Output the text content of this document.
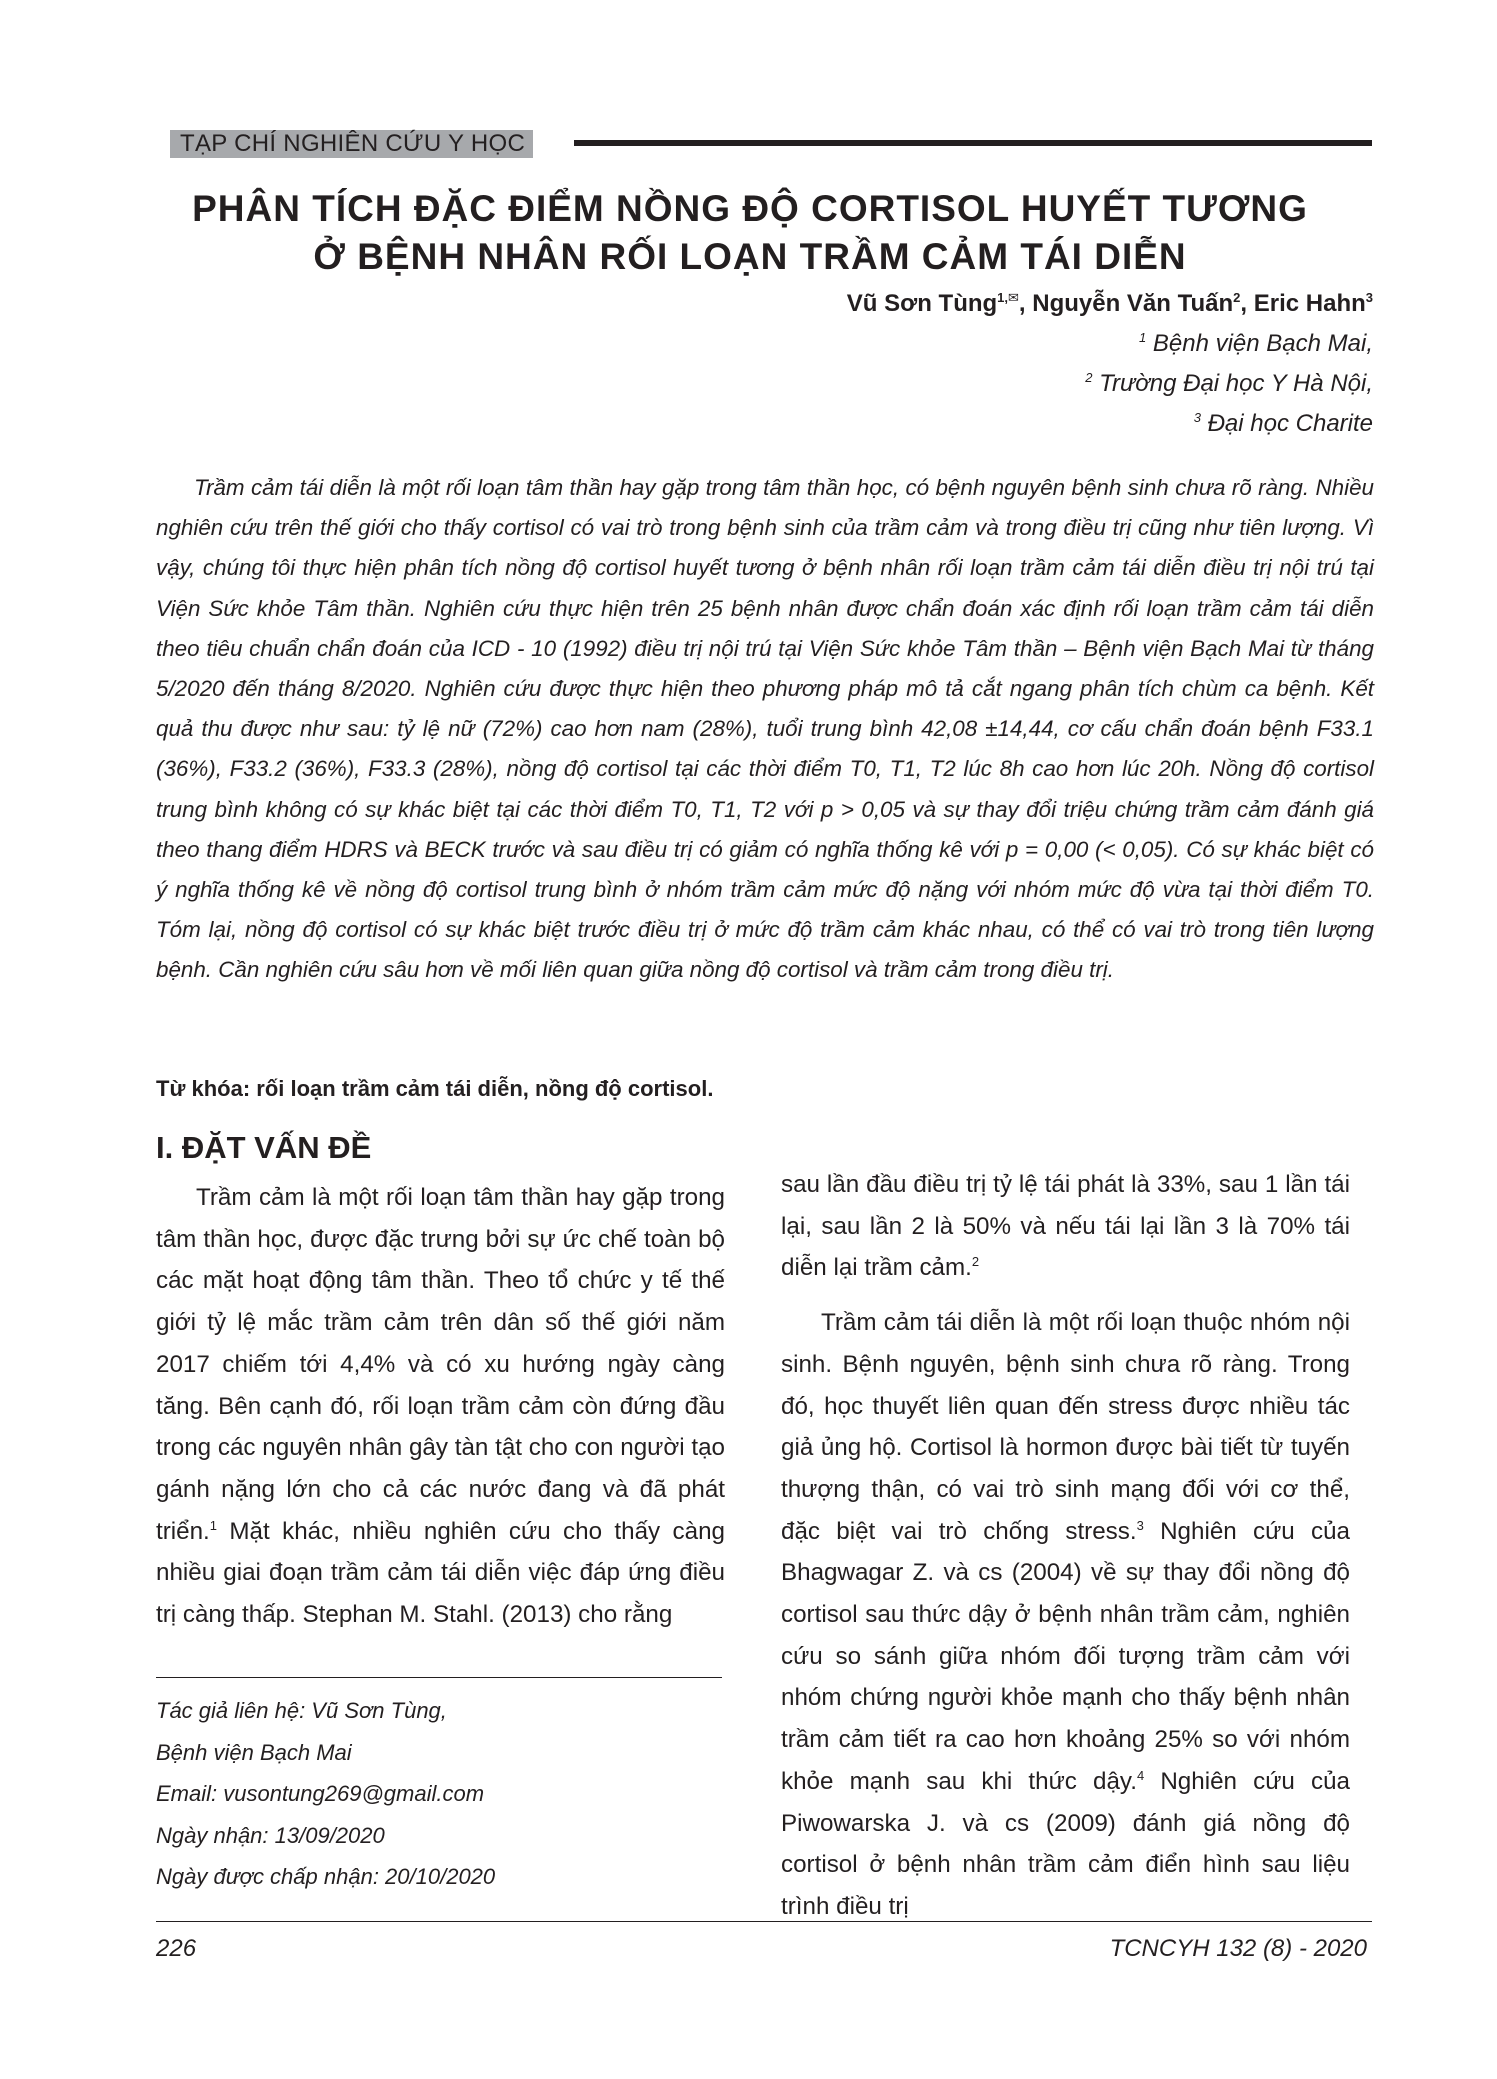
TẠP CHÍ NGHIÊN CỨU Y HỌC
PHÂN TÍCH ĐẶC ĐIỂM NỒNG ĐỘ CORTISOL HUYẾT TƯƠNG
Ở BỆNH NHÂN RỐI LOẠN TRẦM CẢM TÁI DIỄN
Vũ Sơn Tùng$^{1,✉}$, Nguyễn Văn Tuấn$^2$, Eric Hahn$^3$
$^1$ Bệnh viện Bạch Mai,
$^2$ Trường Đại học Y Hà Nội,
$^3$ Đại học Charite

Trầm cảm tái diễn là một rối loạn tâm thần hay gặp trong tâm thần học, có bệnh nguyên bệnh sinh chưa rõ ràng. Nhiều nghiên cứu trên thế giới cho thấy cortisol có vai trò trong bệnh sinh của trầm cảm và trong điều trị cũng như tiên lượng. Vì vậy, chúng tôi thực hiện phân tích nồng độ cortisol huyết tương ở bệnh nhân rối loạn trầm cảm tái diễn điều trị nội trú tại Viện Sức khỏe Tâm thần. Nghiên cứu thực hiện trên 25 bệnh nhân được chẩn đoán xác định rối loạn trầm cảm tái diễn theo tiêu chuẩn chẩn đoán của ICD - 10 (1992) điều trị nội trú tại Viện Sức khỏe Tâm thần – Bệnh viện Bạch Mai từ tháng 5/2020 đến tháng 8/2020. Nghiên cứu được thực hiện theo phương pháp mô tả cắt ngang phân tích chùm ca bệnh. Kết quả thu được như sau: tỷ lệ nữ (72%) cao hơn nam (28%), tuổi trung bình 42,08 ±14,44, cơ cấu chẩn đoán bệnh F33.1 (36%), F33.2 (36%), F33.3 (28%), nồng độ cortisol tại các thời điểm T0, T1, T2 lúc 8h cao hơn lúc 20h. Nồng độ cortisol trung bình không có sự khác biệt tại các thời điểm T0, T1, T2 với p > 0,05 và sự thay đổi triệu chứng trầm cảm đánh giá theo thang điểm HDRS và BECK trước và sau điều trị có giảm có nghĩa thống kê với p = 0,00 (< 0,05). Có sự khác biệt có ý nghĩa thống kê về nồng độ cortisol trung bình ở nhóm trầm cảm mức độ nặng với nhóm mức độ vừa tại thời điểm T0. Tóm lại, nồng độ cortisol có sự khác biệt trước điều trị ở mức độ trầm cảm khác nhau, có thể có vai trò trong tiên lượng bệnh. Cần nghiên cứu sâu hơn về mối liên quan giữa nồng độ cortisol và trầm cảm trong điều trị.

Từ khóa: rối loạn trầm cảm tái diễn, nồng độ cortisol.
I. ĐẶT VẤN ĐỀ

Trầm cảm là một rối loạn tâm thần hay gặp trong tâm thần học, được đặc trưng bởi sự ức chế toàn bộ các mặt hoạt động tâm thần. Theo tổ chức y tế thế giới tỷ lệ mắc trầm cảm trên dân số thế giới năm 2017 chiếm tới 4,4% và có xu hướng ngày càng tăng. Bên cạnh đó, rối loạn trầm cảm còn đứng đầu trong các nguyên nhân gây tàn tật cho con người tạo gánh nặng lớn cho cả các nước đang và đã phát triển.$^1$ Mặt khác, nhiều nghiên cứu cho thấy càng nhiều giai đoạn trầm cảm tái diễn việc đáp ứng điều trị càng thấp. Stephan M. Stahl. (2013) cho rằng

sau lần đầu điều trị tỷ lệ tái phát là 33%, sau 1 lần tái lại, sau lần 2 là 50% và nếu tái lại lần 3 là 70% tái diễn lại trầm cảm.$^2$

Trầm cảm tái diễn là một rối loạn thuộc nhóm nội sinh. Bệnh nguyên, bệnh sinh chưa rõ ràng. Trong đó, học thuyết liên quan đến stress được nhiều tác giả ủng hộ. Cortisol là hormon được bài tiết từ tuyến thượng thận, có vai trò sinh mạng đối với cơ thể, đặc biệt vai trò chống stress.$^3$ Nghiên cứu của Bhagwagar Z. và cs (2004) về sự thay đổi nồng độ cortisol sau thức dậy ở bệnh nhân trầm cảm, nghiên cứu so sánh giữa nhóm đối tượng trầm cảm với nhóm chứng người khỏe mạnh cho thấy bệnh nhân trầm cảm tiết ra cao hơn khoảng 25% so với nhóm khỏe mạnh sau khi thức dậy.$^4$ Nghiên cứu của Piwowarska J. và cs (2009) đánh giá nồng độ cortisol ở bệnh nhân trầm cảm điển hình sau liệu trình điều trị

Tác giả liên hệ: Vũ Sơn Tùng,
Bệnh viện Bạch Mai
Email: vusontung269@gmail.com
Ngày nhận: 13/09/2020
Ngày được chấp nhận: 20/10/2020
226	TCNCYH 132 (8) - 2020
